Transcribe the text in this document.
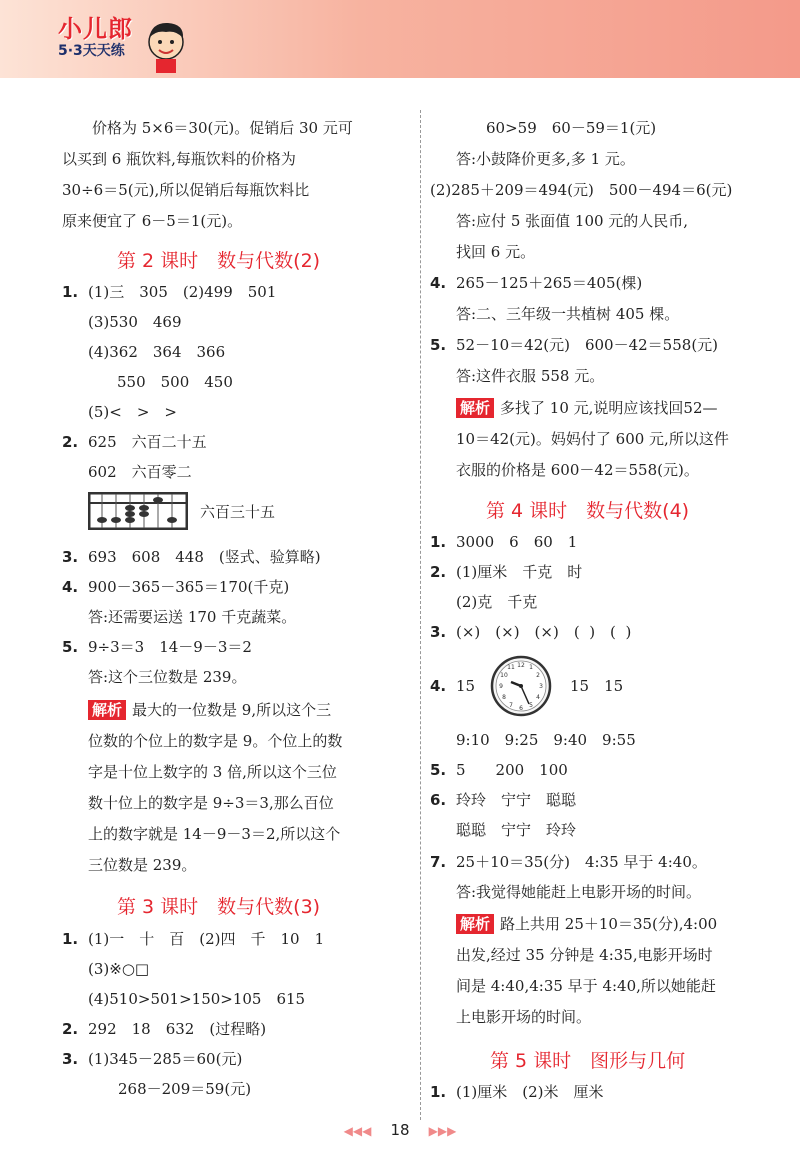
小儿郎
5·3天天练
价格为 5×6＝30(元)。促销后 30 元可
以买到 6 瓶饮料,每瓶饮料的价格为
30÷6＝5(元),所以促销后每瓶饮料比
原来便宜了 6－5＝1(元)。
第 2 课时　数与代数(2)
1. (1)三　305　(2)499　501
(3)530　469
(4)362　364　366
550　500　450
(5)<　>　>
2. 625　六百二十五
602　六百零二
六百三十五
3. 693　608　448　(竖式、验算略)
4. 900－365－365＝170(千克)
答:还需要运送 170 千克蔬菜。
5. 9÷3＝3　14－9－3＝2
答:这个三位数是 239。
解析 最大的一位数是 9,所以这个三
位数的个位上的数字是 9。个位上的数
字是十位上数字的 3 倍,所以这个三位
数十位上的数字是 9÷3＝3,那么百位
上的数字就是 14－9－3＝2,所以这个
三位数是 239。
第 3 课时　数与代数(3)
1. (1)一　十　百　(2)四　千　10　1
(3)※○□
(4)510>501>150>105　615
2. 292　18　632　(过程略)
3. (1)345－285＝60(元)
268－209＝59(元)
60>59　60－59＝1(元)
答:小鼓降价更多,多 1 元。
(2)285＋209＝494(元)　500－494＝6(元)
答:应付 5 张面值 100 元的人民币,
找回 6 元。
4. 265－125＋265＝405(棵)
答:二、三年级一共植树 405 棵。
5. 52－10＝42(元)　600－42＝558(元)
答:这件衣服 558 元。
解析 多找了 10 元,说明应该找回52—
10＝42(元)。妈妈付了 600 元,所以这件
衣服的价格是 600－42＝558(元)。
第 4 课时　数与代数(4)
1. 3000　6　60　1
2. (1)厘米　千克　时
(2)克　千克
3. (×)　(×)　(×)　(  )　(  )
4. 15
12 1
2
3
4
5
6
7
8
9
10
11
15　15
9:10　9:25　9:40　9:55
5. 5　　200　100
6. 玲玲　宁宁　聪聪
聪聪　宁宁　玲玲
7. 25＋10＝35(分)　4:35 早于 4:40。
答:我觉得她能赶上电影开场的时间。
解析 路上共用 25＋10＝35(分),4:00
出发,经过 35 分钟是 4:35,电影开场时
间是 4:40,4:35 早于 4:40,所以她能赶
上电影开场的时间。
第 5 课时　图形与几何
1. (1)厘米　(2)米　厘米
◀◀◀ 18 ▶▶▶
